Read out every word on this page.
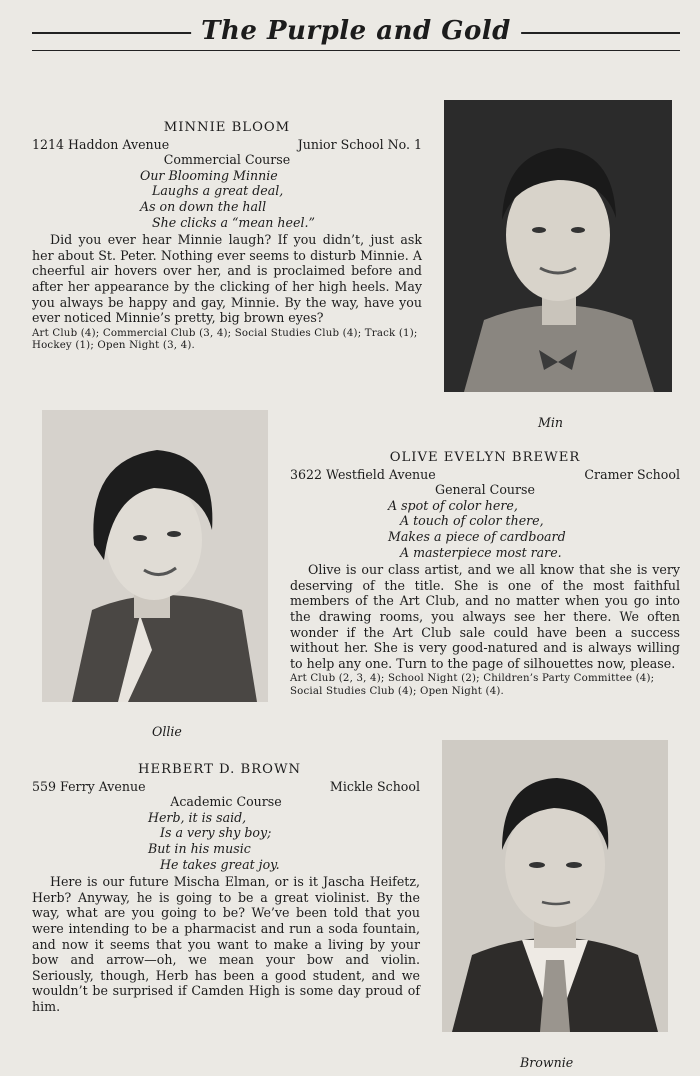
The Purple and Gold
MINNIE BLOOM
1214 Haddon Avenue	Junior School No. 1
Commercial Course
Our Blooming Minnie
Laughs a great deal,
As on down the hall
She clicks a “mean heel.”
Did you ever hear Minnie laugh? If you didn’t, just ask her about St. Peter. Nothing ever seems to disturb Minnie. A cheerful air hovers over her, and is proclaimed before and after her appearance by the clicking of her high heels. May you always be happy and gay, Minnie. By the way, have you ever noticed Minnie’s pretty, big brown eyes?
Art Club (4); Commercial Club (3, 4); Social Studies Club (4); Track (1); Hockey (1); Open Night (3, 4).
Min
Ollie
OLIVE EVELYN BREWER
3622 Westfield Avenue	Cramer School
General Course
A spot of color here,
A touch of color there,
Makes a piece of cardboard
A masterpiece most rare.
Olive is our class artist, and we all know that she is very deserving of the title. She is one of the most faithful members of the Art Club, and no matter when you go into the drawing rooms, you always see her there. We often wonder if the Art Club sale could have been a success without her. She is very good-natured and is always willing to help any one. Turn to the page of silhouettes now, please.
Art Club (2, 3, 4); School Night (2); Children’s Party Committee (4); Social Studies Club (4); Open Night (4).
HERBERT D. BROWN
559 Ferry Avenue	Mickle School
Academic Course
Herb, it is said,
Is a very shy boy;
But in his music
He takes great joy.
Here is our future Mischa Elman, or is it Jascha Heifetz, Herb? Anyway, he is going to be a great violinist. By the way, what are you going to be? We’ve been told that you were intending to be a pharmacist and run a soda fountain, and now it seems that you want to make a living by your bow and arrow—oh, we mean your bow and violin. Seriously, though, Herb has been a good student, and we wouldn’t be surprised if Camden High is some day proud of him.
Brownie
